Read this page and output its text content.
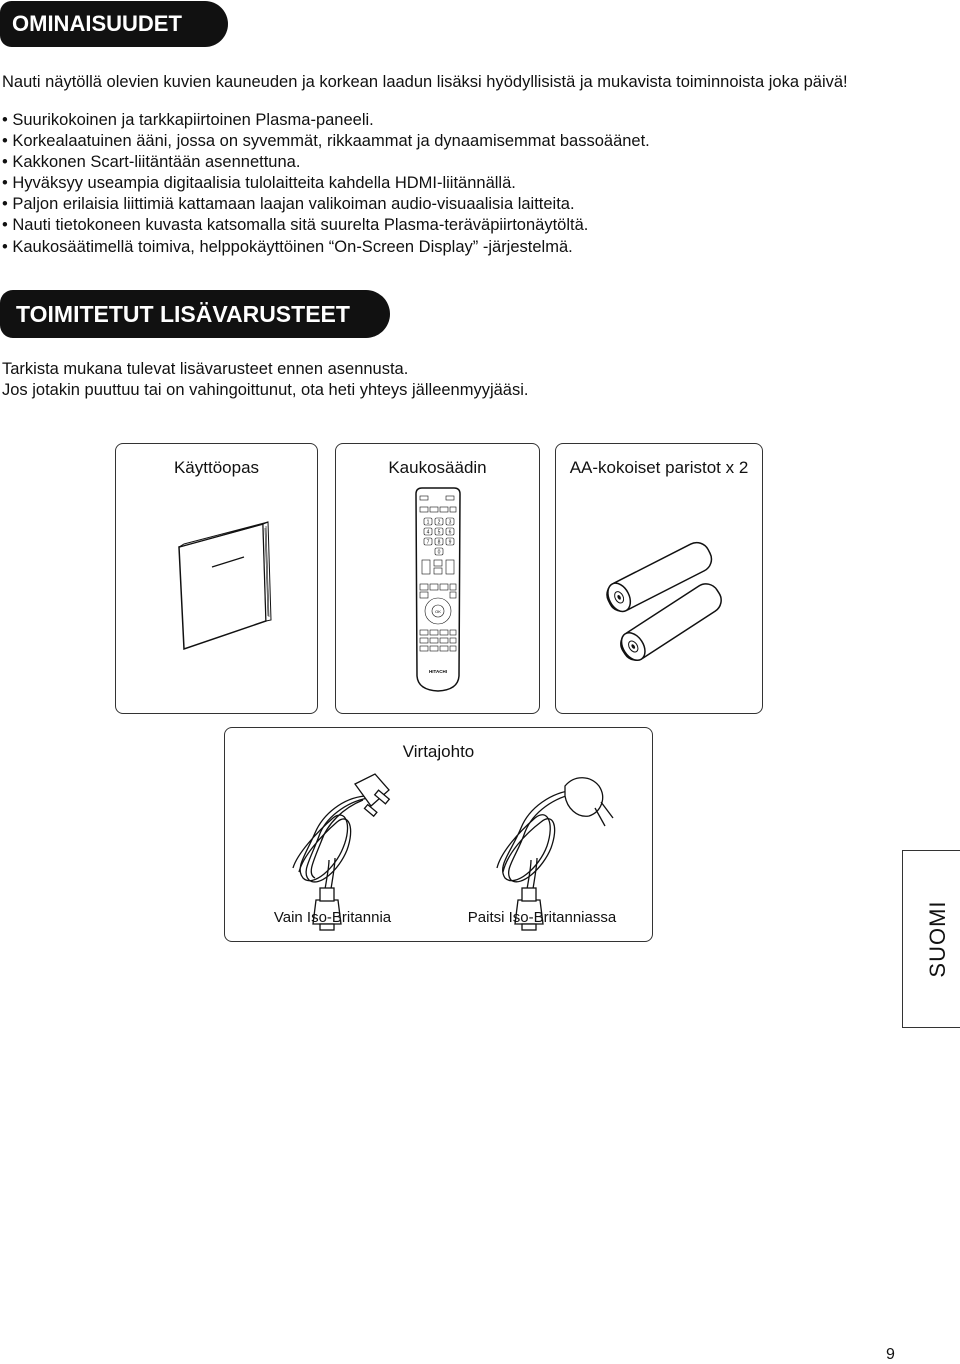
OMINAISUUDET

Nauti näytöllä olevien kuvien kauneuden ja korkean laadun lisäksi hyödyllisistä ja mukavista toiminnoista joka päivä!

• Suurikokoinen ja tarkkapiirtoinen Plasma-paneeli.
• Korkealaatuinen ääni, jossa on syvemmät, rikkaammat ja dynaamisemmat bassoäänet.
• Kakkonen Scart-liitäntään asennettuna.
• Hyväksyy useampia digitaalisia tulolaitteita kahdella HDMI-liitännällä.
• Paljon erilaisia liittimiä kattamaan laajan valikoiman audio-visuaalisia laitteita.
• Nauti tietokoneen kuvasta katsomalla sitä suurelta Plasma-teräväpiirtonäytöltä.
• Kaukosäätimellä toimiva, helppokäyttöinen “On-Screen Display” -järjestelmä.
TOIMITETUT LISÄVARUSTEET

Tarkista mukana tulevat lisävarusteet ennen asennusta.

Jos jotakin puuttuu tai on vahingoittunut, ota heti yhteys jälleenmyyjääsi.

Käyttöopas	Kaukosäädin
1 2 3
4 5 6
7 8 9
0
OK
HITACHI
AA-kokoiset paristot x 2
Virtajohto
Vain Iso-Britannia	Paitsi Iso-Britanniassa	SUOMI
9
